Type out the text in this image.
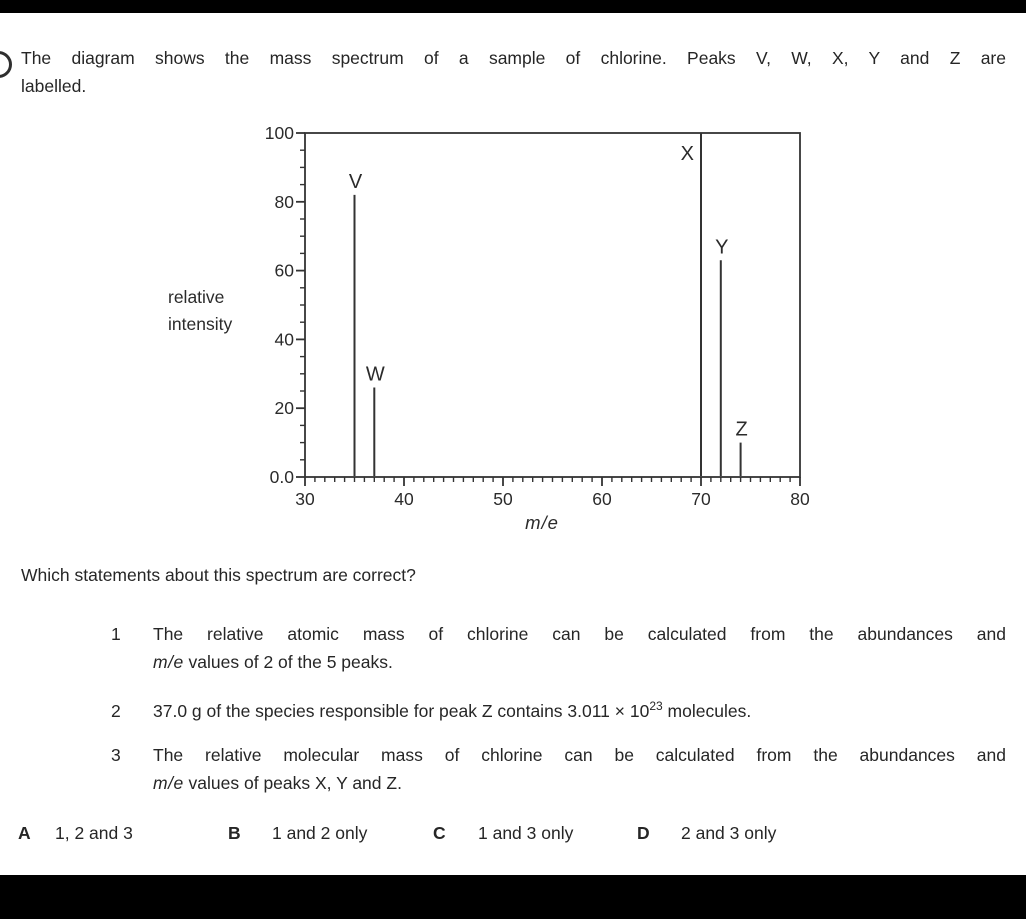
The diagram shows the mass spectrum of a sample of chlorine. Peaks V, W, X, Y and Z are
labelled.
30	40	50	60	70	80
0.0
20
40
60
80
100
m/e
relative
intensity
V
W
X
Y
Z
Which statements about this spectrum are correct?
1 The relative atomic mass of chlorine can be calculated from the abundances and
m/e values of 2 of the 5 peaks.
2 37.0 g of the species responsible for peak Z contains $3.011 \times 10^{23}$ molecules.
3 The relative molecular mass of chlorine can be calculated from the abundances and
m/e values of peaks X, Y and Z.
A 1, 2 and 3	B 1 and 2 only	C 1 and 3 only	D 2 and 3 only
